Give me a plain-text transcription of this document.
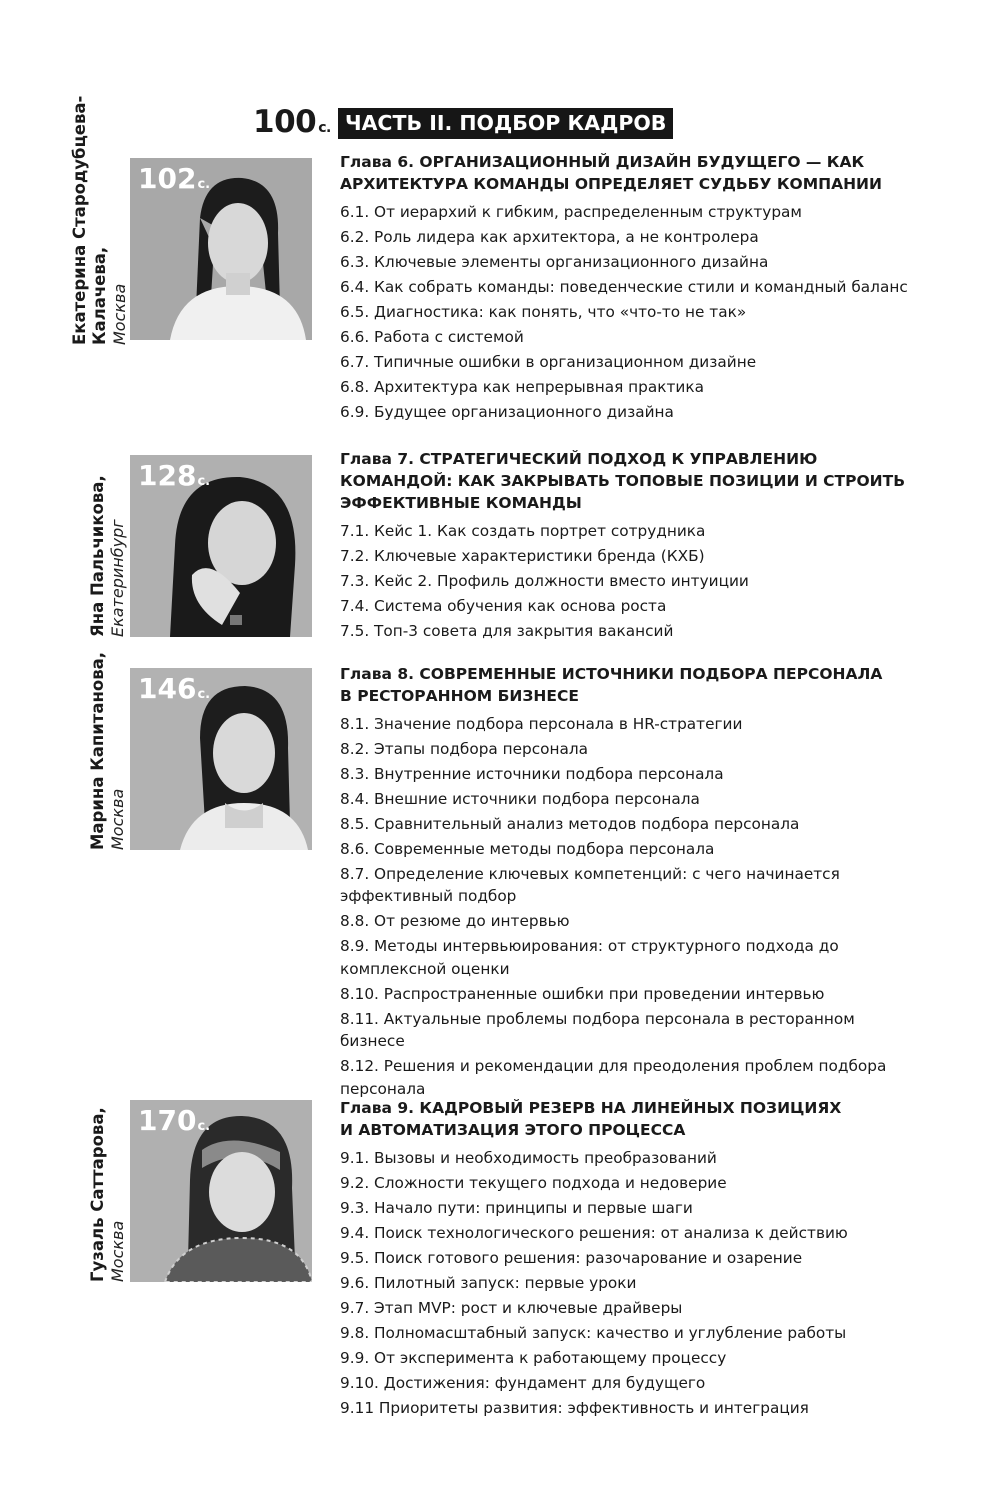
100 с. ЧАСТЬ II. ПОДБОР КАДРОВ
Екатерина Стародубцева- Калачева, Москва
102с.

Глава 6. ОРГАНИЗАЦИОННЫЙ ДИЗАЙН БУДУЩЕГО — КАК
АРХИТЕКТУРА КОМАНДЫ ОПРЕДЕЛЯЕТ СУДЬБУ КОМПАНИИ

6.1. От иерархий к гибким, распределенным структурам
6.2. Роль лидера как архитектора, а не контролера
6.3. Ключевые элементы организационного дизайна
6.4. Как собрать команды: поведенческие стили и командный баланс
6.5. Диагностика: как понять, что «что-то не так»
6.6. Работа с системой
6.7. Типичные ошибки в организационном дизайне
6.8. Архитектура как непрерывная практика
6.9. Будущее организационного дизайна
Яна Пальчикова, Екатеринбург
128с.

Глава 7. СТРАТЕГИЧЕСКИЙ ПОДХОД К УПРАВЛЕНИЮ
КОМАНДОЙ: КАК ЗАКРЫВАТЬ ТОПОВЫЕ ПОЗИЦИИ И СТРОИТЬ
ЭФФЕКТИВНЫЕ КОМАНДЫ

7.1. Кейс 1. Как создать портрет сотрудника
7.2. Ключевые характеристики бренда (КХБ)
7.3. Кейс 2. Профиль должности вместо интуиции
7.4. Система обучения как основа роста
7.5. Топ-3 совета для закрытия вакансий
Марина Капитанова, Москва
146с.

Глава 8. СОВРЕМЕННЫЕ ИСТОЧНИКИ ПОДБОРА ПЕРСОНАЛА
В РЕСТОРАННОМ БИЗНЕСЕ

8.1. Значение подбора персонала в HR-стратегии
8.2. Этапы подбора персонала
8.3. Внутренние источники подбора персонала
8.4. Внешние источники подбора персонала
8.5. Сравнительный анализ методов подбора персонала
8.6. Современные методы подбора персонала
8.7. Определение ключевых компетенций: с чего начинается эффективный подбор
8.8. От резюме до интервью
8.9. Методы интервьюирования: от структурного подхода до комплексной оценки
8.10. Распространенные ошибки при проведении интервью
8.11. Актуальные проблемы подбора персонала в ресторанном бизнесе
8.12. Решения и рекомендации для преодоления проблем подбора персонала
Гузаль Саттарова, Москва
170с.

Глава 9. КАДРОВЫЙ РЕЗЕРВ НА ЛИНЕЙНЫХ ПОЗИЦИЯХ
И АВТОМАТИЗАЦИЯ ЭТОГО ПРОЦЕССА

9.1. Вызовы и необходимость преобразований
9.2. Сложности текущего подхода и недоверие
9.3. Начало пути: принципы и первые шаги
9.4. Поиск технологического решения: от анализа к действию
9.5. Поиск готового решения: разочарование и озарение
9.6. Пилотный запуск: первые уроки
9.7. Этап MVP: рост и ключевые драйверы
9.8. Полномасштабный запуск: качество и углубление работы
9.9. От эксперимента к работающему процессу
9.10. Достижения: фундамент для будущего
9.11 Приоритеты развития: эффективность и интеграция
